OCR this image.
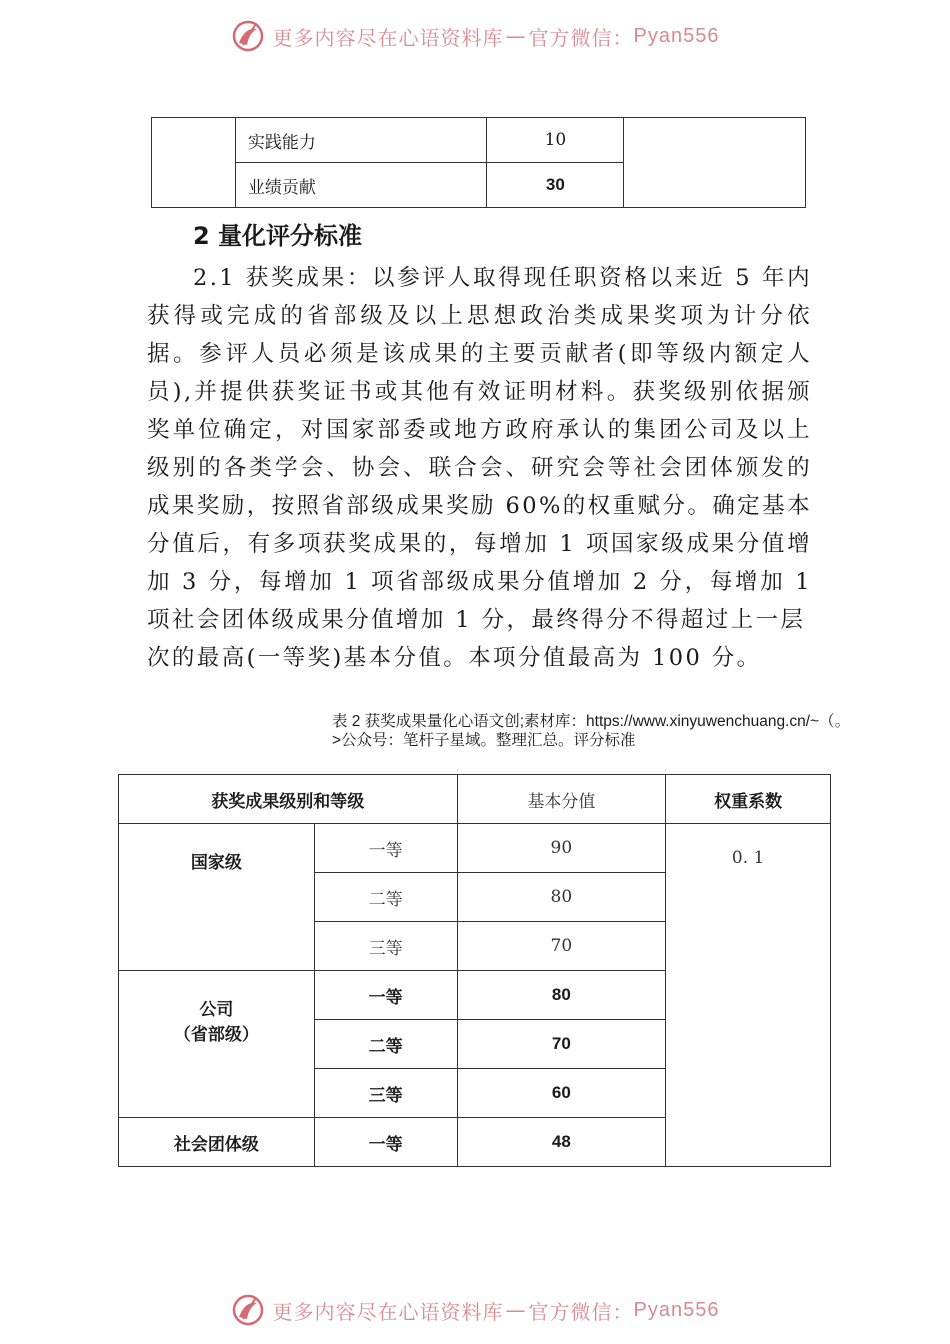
更多内容尽在心语资料库 — 官方微信： Pyan556
	实践能力	10	
	业绩贡献	30	
2 量化评分标准

2.1 获奖成果：以参评人取得现任职资格以来近 5 年内获得或完成的省部级及以上思想政治类成果奖项为计分依据。参评人员必须是该成果的主要贡献者(即等级内额定人员),并提供获奖证书或其他有效证明材料。获奖级别依据颁奖单位确定，对国家部委或地方政府承认的集团公司及以上级别的各类学会、协会、联合会、研究会等社会团体颁发的成果奖励，按照省部级成果奖励 60%的权重赋分。确定基本分值后，有多项获奖成果的，每增加 1 项国家级成果分值增加 3 分，每增加 1 项省部级成果分值增加 2 分，每增加 1 项社会团体级成果分值增加 1 分，最终得分不得超过上一层
次的最高(一等奖)基本分值。本项分值最高为 100 分。

表 2 获奖成果量化心语文创;素材库：https://www.xinyuwenchuang.cn/~（。>公众号：笔杆子星域。整理汇总。评分标准
获奖成果级别和等级		基本分值	权重系数
国家级	一等	90	0. 1
	二等	80	
	三等	70	

公司
（省部级）	一等	80	
	二等	70	
	三等	60	
社会团体级	一等	48	
更多内容尽在心语资料库 — 官方微信： Pyan556
